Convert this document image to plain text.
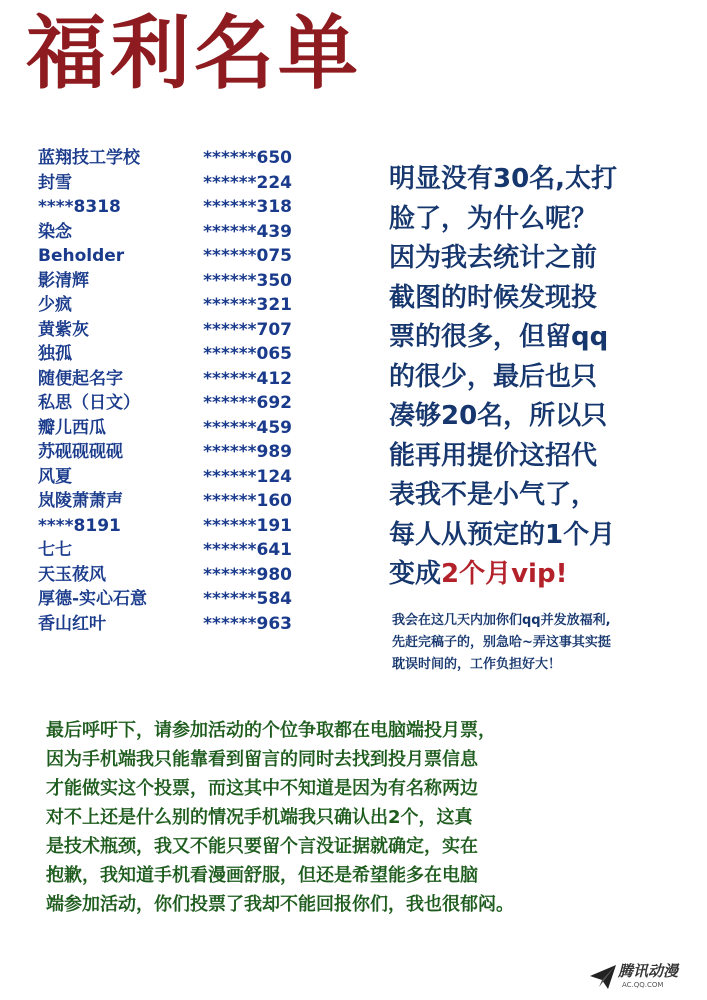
福利名单
蓝翔技工学校	******650
封雪	******224
****8318	******318
染念	******439
Beholder	******075
影清辉	******350
少疯	******321
黄紫灰	******707
独孤	******065
随便起名字	******412
私思（日文）	******692
瓣儿西瓜	******459
苏砚砚砚砚	******989
风夏	******124
岚陵萧萧声	******160
****8191	******191
七七	******641
天玉莜风	******980
厚德-实心石意	******584
香山红叶	******963
明显没有30名,太打
脸了，为什么呢？
因为我去统计之前
截图的时候发现投
票的很多，但留qq
的很少，最后也只
凑够20名，所以只
能再用提价这招代
表我不是小气了，
每人从预定的1个月
变成2个月vip!
我会在这几天内加你们qq并发放福利,
先赶完稿子的，别急哈~弄这事其实挺
耽误时间的，工作负担好大！
最后呼吁下，请参加活动的个位争取都在电脑端投月票，
因为手机端我只能靠看到留言的同时去找到投月票信息
才能做实这个投票，而这其中不知道是因为有名称两边
对不上还是什么别的情况手机端我只确认出2个，这真
是技术瓶颈，我又不能只要留个言没证据就确定，实在
抱歉，我知道手机看漫画舒服，但还是希望能多在电脑
端参加活动，你们投票了我却不能回报你们，我也很郁闷。
腾讯动漫
AC.QQ.COM
